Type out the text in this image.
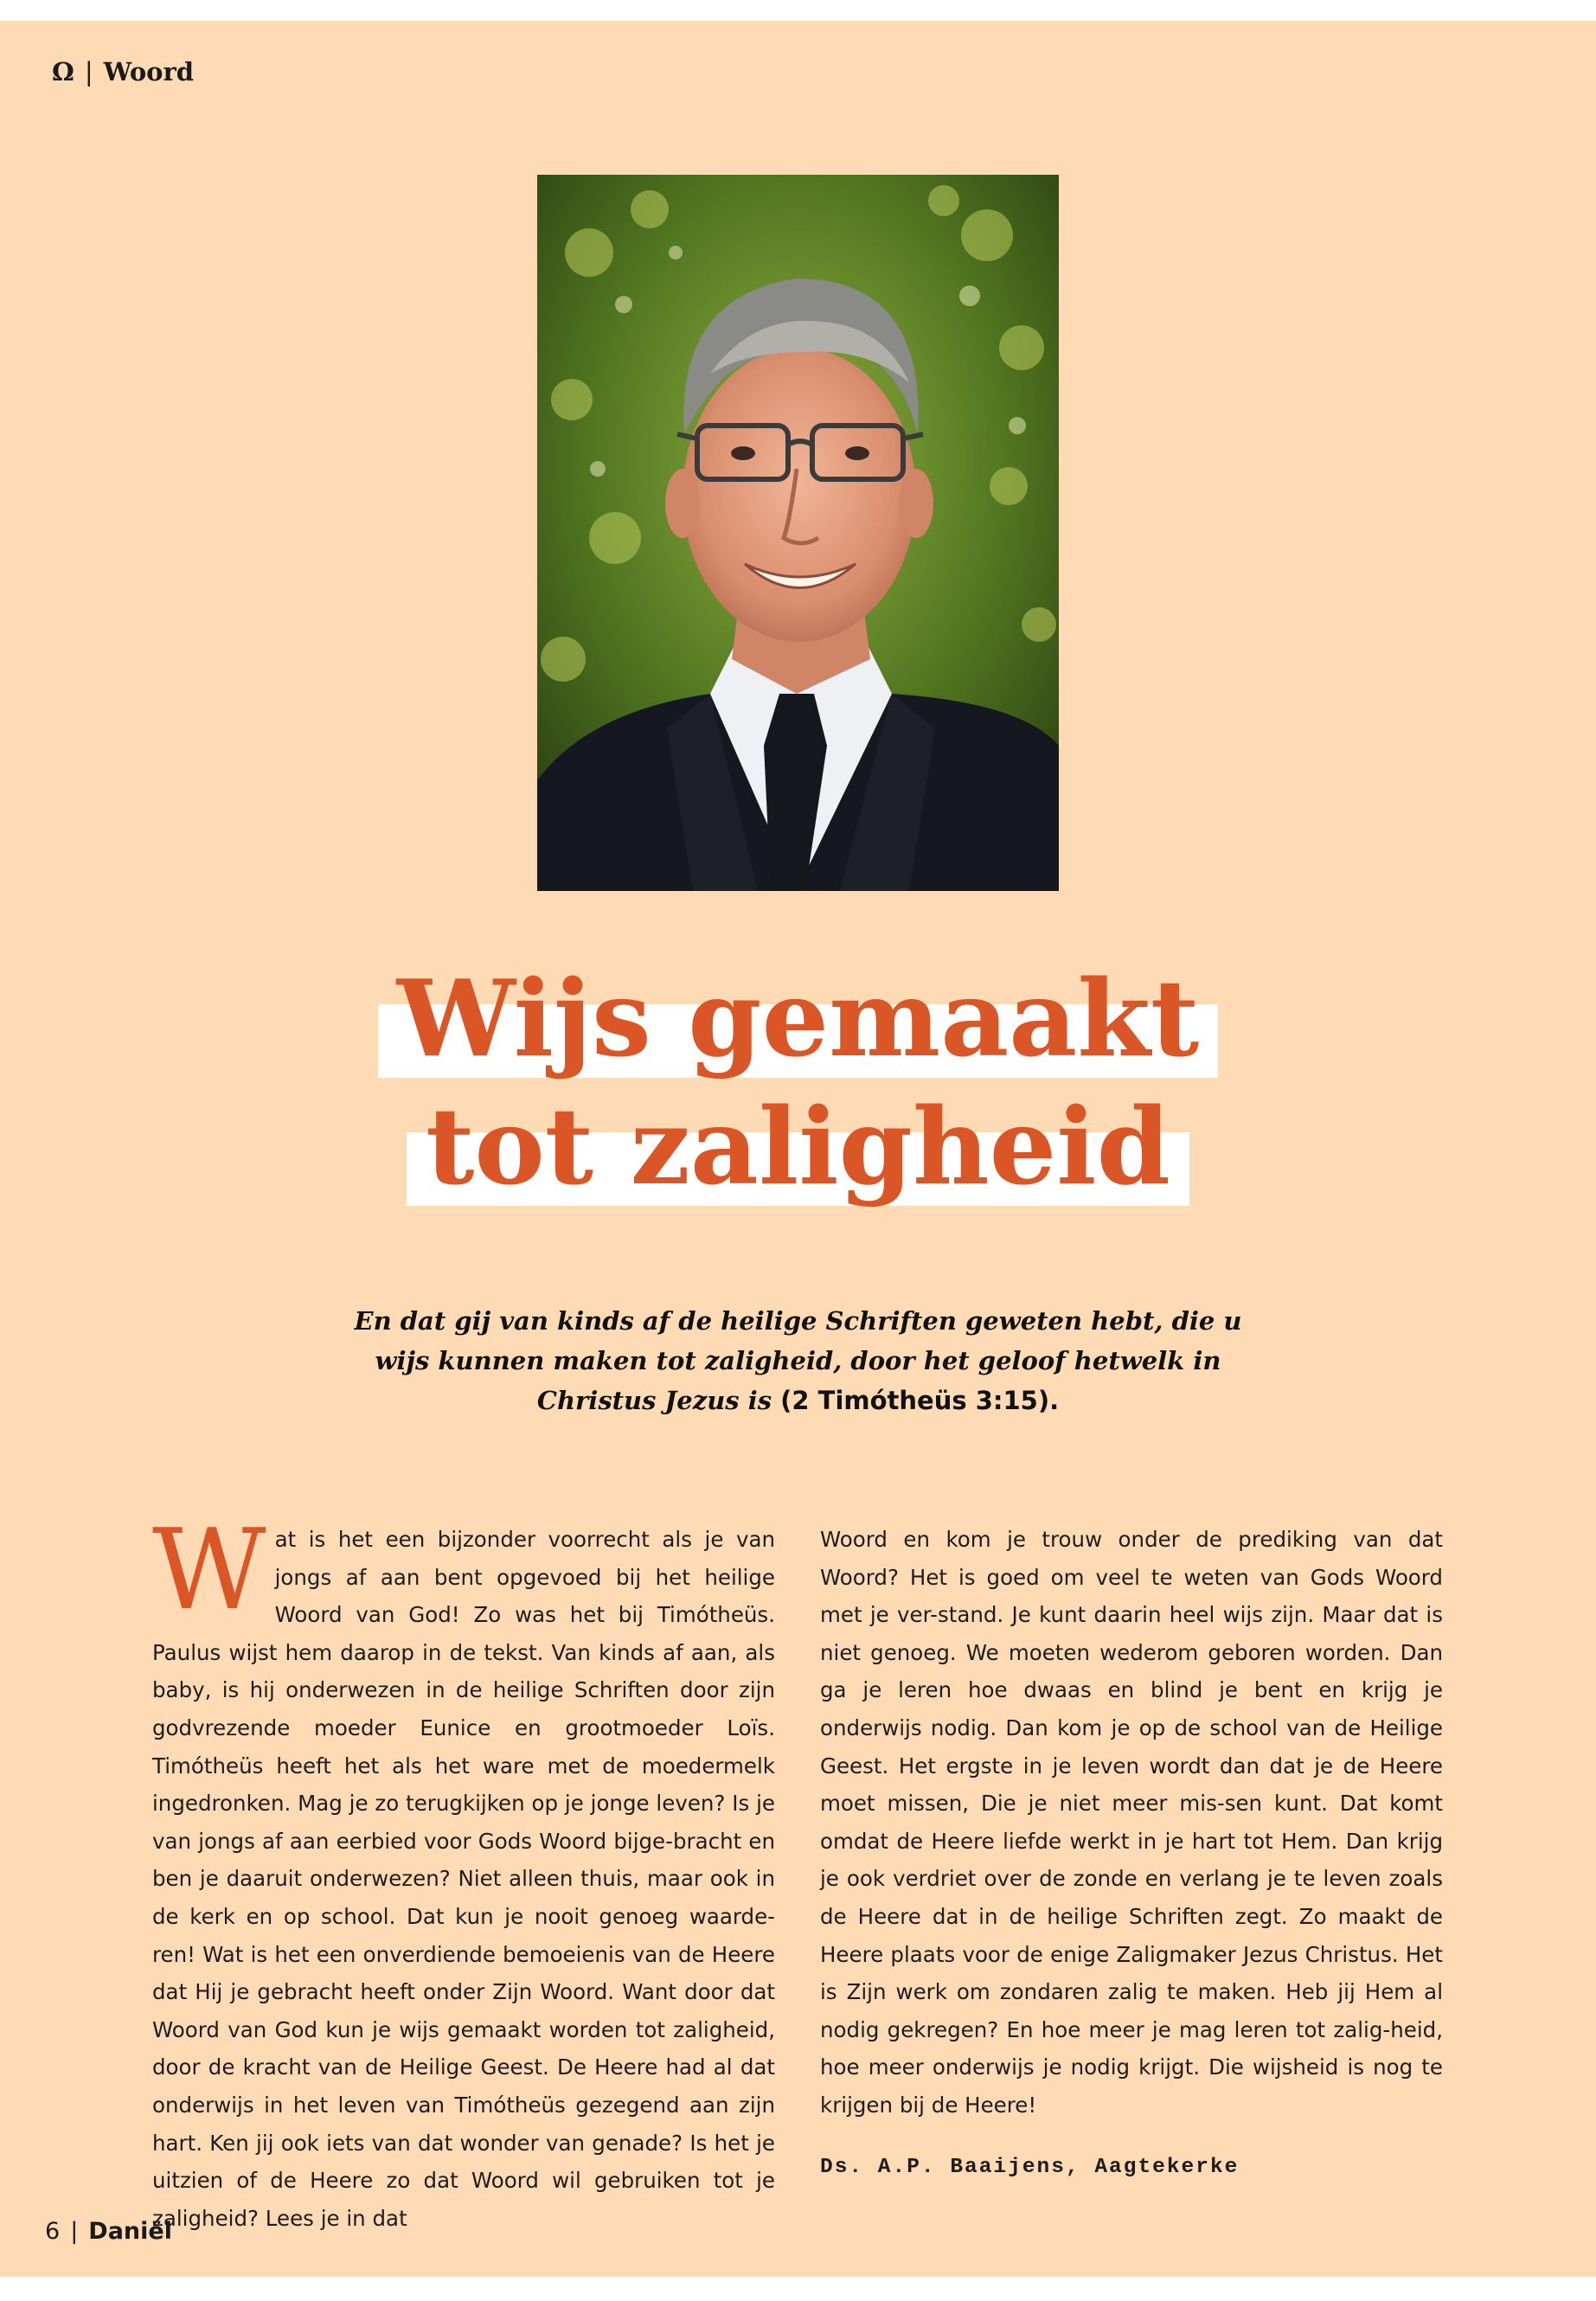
Ω | Woord
Wijs gemaakt
tot zaligheid
En dat gij van kinds af de heilige Schriften geweten hebt, die u wijs kunnen maken tot zaligheid, door het geloof hetwelk in Christus Jezus is (2 Timótheüs 3:15).
W at is het een bijzonder voorrecht als je van jongs af aan bent opgevoed bij het heilige Woord van God! Zo was het bij Timótheüs. Paulus wijst hem daarop in de tekst. Van kinds af aan, als baby, is hij onderwezen in de heilige Schriften door zijn godvrezende moeder Eunice en grootmoeder Loïs. Timótheüs heeft het als het ware met de moedermelk ingedronken. Mag je zo terugkijken op je jonge leven? Is je van jongs af aan eerbied voor Gods Woord bijge-bracht en ben je daaruit onderwezen? Niet alleen thuis, maar ook in de kerk en op school. Dat kun je nooit genoeg waarde-ren! Wat is het een onverdiende bemoeienis van de Heere dat Hij je gebracht heeft onder Zijn Woord. Want door dat Woord van God kun je wijs gemaakt worden tot zaligheid, door de kracht van de Heilige Geest. De Heere had al dat onderwijs in het leven van Timótheüs gezegend aan zijn hart. Ken jij ook iets van dat wonder van genade? Is het je uitzien of de Heere zo dat Woord wil gebruiken tot je zaligheid? Lees je in dat
Woord en kom je trouw onder de prediking van dat Woord? Het is goed om veel te weten van Gods Woord met je ver-stand. Je kunt daarin heel wijs zijn. Maar dat is niet genoeg. We moeten wederom geboren worden. Dan ga je leren hoe dwaas en blind je bent en krijg je onderwijs nodig. Dan kom je op de school van de Heilige Geest. Het ergste in je leven wordt dan dat je de Heere moet missen, Die je niet meer mis-sen kunt. Dat komt omdat de Heere liefde werkt in je hart tot Hem. Dan krijg je ook verdriet over de zonde en verlang je te leven zoals de Heere dat in de heilige Schriften zegt. Zo maakt de Heere plaats voor de enige Zaligmaker Jezus Christus. Het is Zijn werk om zondaren zalig te maken. Heb jij Hem al nodig gekregen? En hoe meer je mag leren tot zalig-heid, hoe meer onderwijs je nodig krijgt. Die wijsheid is nog te krijgen bij de Heere!
Ds. A.P. Baaijens, Aagtekerke
6 | Daniël
